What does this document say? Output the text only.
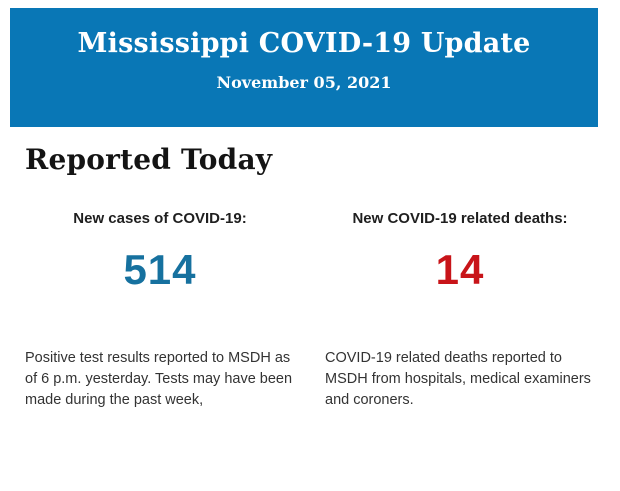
Mississippi COVID-19 Update
November 05, 2021
Reported Today
New cases of COVID-19:
514
Positive test results reported to MSDH as
of 6 p.m. yesterday. Tests may have been
made during the past week,
New COVID-19 related deaths:
14
COVID-19 related deaths reported to
MSDH from hospitals, medical examiners
and coroners.
